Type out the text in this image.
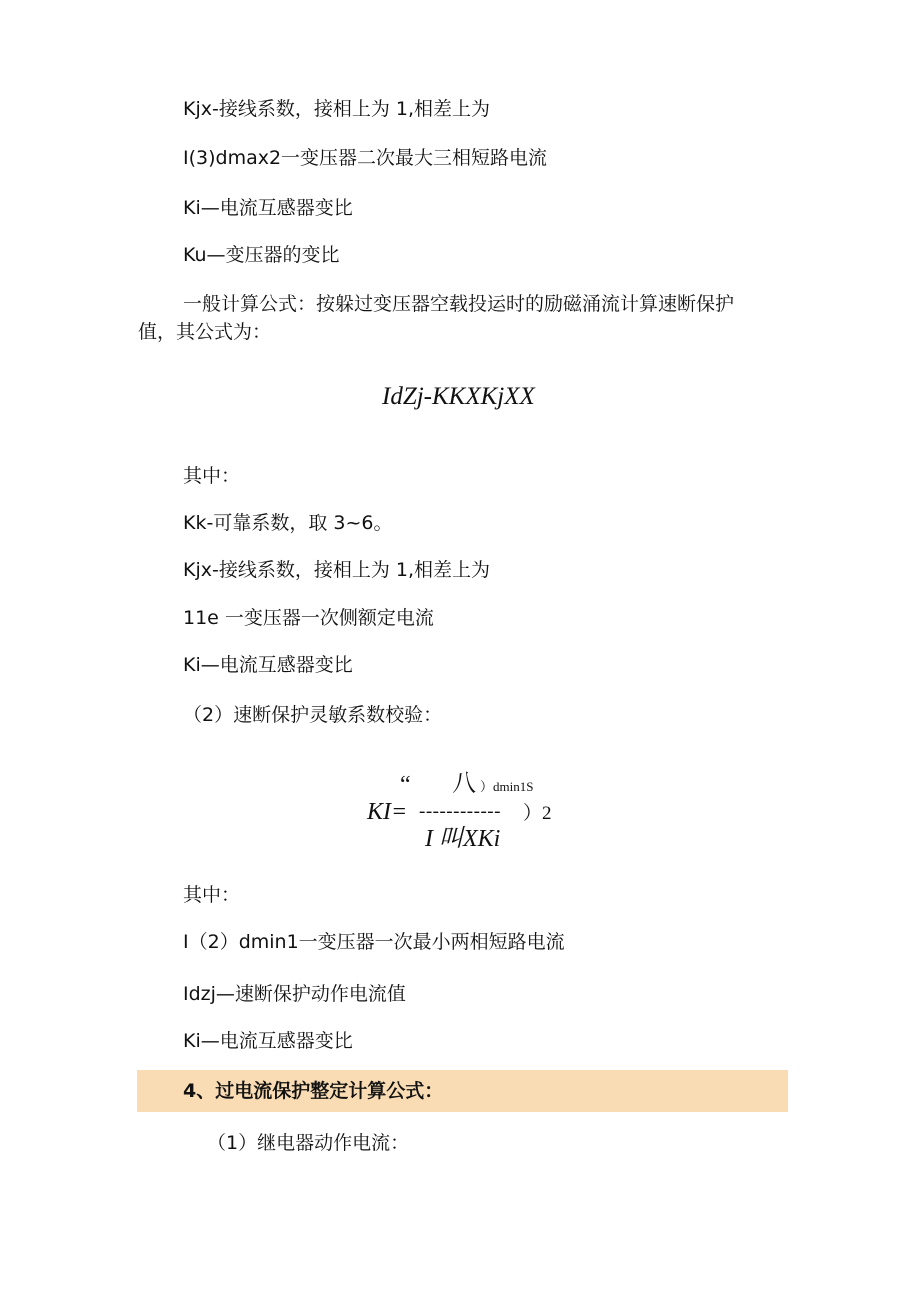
Kjx-接线系数，接相上为 1,相差上为
I(3)dmax2一变压器二次最大三相短路电流
Ki—电流互感器变比
Ku—变压器的变比
一般计算公式：按躲过变压器空载投运时的励磁涌流计算速断保护
值，其公式为：
IdZj-KKXKjXX
其中：
Kk-可靠系数，取 3~6。
Kjx-接线系数，接相上为 1,相差上为
11e 一变压器一次侧额定电流
Ki—电流互感器变比
（2）速断保护灵敏系数校验：
“ 八 ）dmin1S
KI= ------------ ）2
I 叫XKi
其中：
I（2）dmin1一变压器一次最小两相短路电流
Idzj—速断保护动作电流值
Ki—电流互感器变比
4、过电流保护整定计算公式：
（1）继电器动作电流：
